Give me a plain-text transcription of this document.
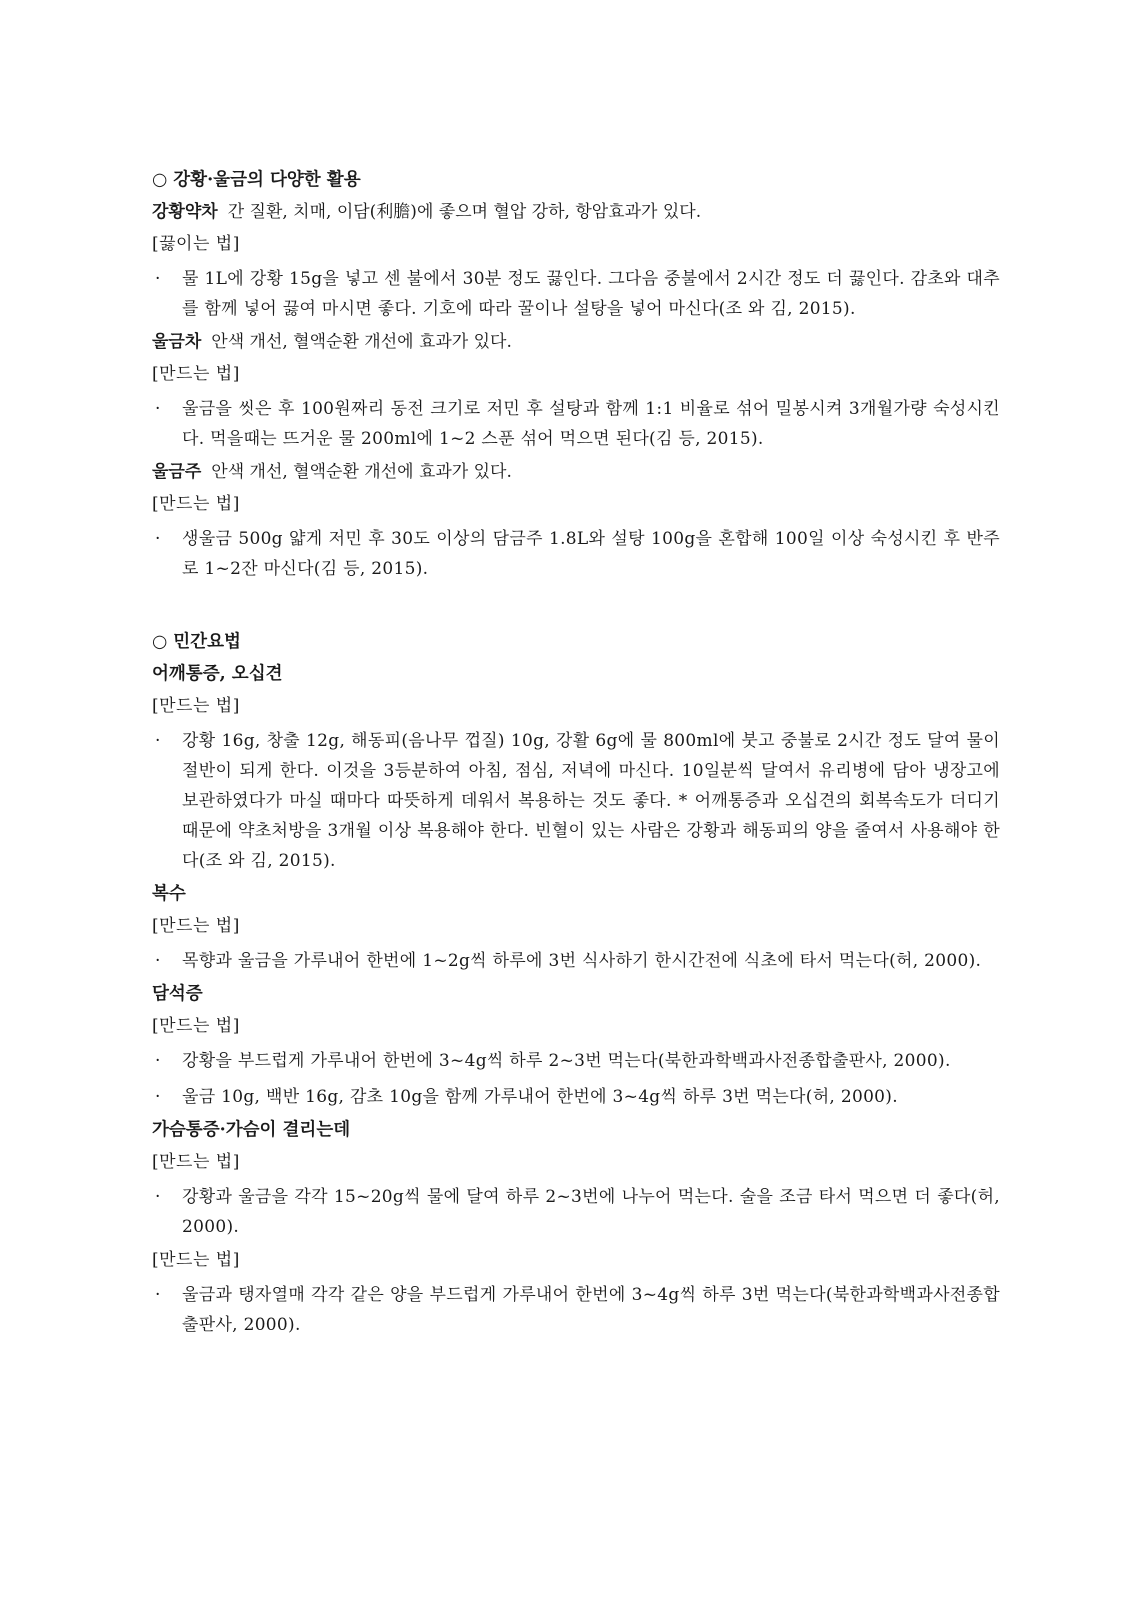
○ 강황·울금의 다양한 활용
강황약차 간 질환, 치매, 이담(利膽)에 좋으며 혈압 강하, 항암효과가 있다.
[끓이는 법]
· 물 1L에 강황 15g을 넣고 센 불에서 30분 정도 끓인다. 그다음 중불에서 2시간 정도 더 끓인다. 감초와 대추를 함께 넣어 끓여 마시면 좋다. 기호에 따라 꿀이나 설탕을 넣어 마신다(조 와 김, 2015).
울금차 안색 개선, 혈액순환 개선에 효과가 있다.
[만드는 법]
· 울금을 씻은 후 100원짜리 동전 크기로 저민 후 설탕과 함께 1:1 비율로 섞어 밀봉시켜 3개월가량 숙성시킨다. 먹을때는 뜨거운 물 200ml에 1~2 스푼 섞어 먹으면 된다(김 등, 2015).
울금주 안색 개선, 혈액순환 개선에 효과가 있다.
[만드는 법]
· 생울금 500g 얇게 저민 후 30도 이상의 담금주 1.8L와 설탕 100g을 혼합해 100일 이상 숙성시킨 후 반주로 1~2잔 마신다(김 등, 2015).
○ 민간요법
어깨통증, 오십견
[만드는 법]
· 강황 16g, 창출 12g, 해동피(음나무 껍질) 10g, 강활 6g에 물 800ml에 붓고 중불로 2시간 정도 달여 물이 절반이 되게 한다. 이것을 3등분하여 아침, 점심, 저녁에 마신다. 10일분씩 달여서 유리병에 담아 냉장고에 보관하였다가 마실 때마다 따뜻하게 데워서 복용하는 것도 좋다. * 어깨통증과 오십견의 회복속도가 더디기 때문에 약초처방을 3개월 이상 복용해야 한다. 빈혈이 있는 사람은 강황과 해동피의 양을 줄여서 사용해야 한다(조 와 김, 2015).
복수
[만드는 법]
· 목향과 울금을 가루내어 한번에 1~2g씩 하루에 3번 식사하기 한시간전에 식초에 타서 먹는다(허, 2000).
담석증
[만드는 법]
· 강황을 부드럽게 가루내어 한번에 3~4g씩 하루 2~3번 먹는다(북한과학백과사전종합출판사, 2000).
· 울금 10g, 백반 16g, 감초 10g을 함께 가루내어 한번에 3~4g씩 하루 3번 먹는다(허, 2000).
가슴통증·가슴이 결리는데
[만드는 법]
· 강황과 울금을 각각 15~20g씩 물에 달여 하루 2~3번에 나누어 먹는다. 술을 조금 타서 먹으면 더 좋다(허, 2000).
[만드는 법]
· 울금과 탱자열매 각각 같은 양을 부드럽게 가루내어 한번에 3~4g씩 하루 3번 먹는다(북한과학백과사전종합출판사, 2000).
